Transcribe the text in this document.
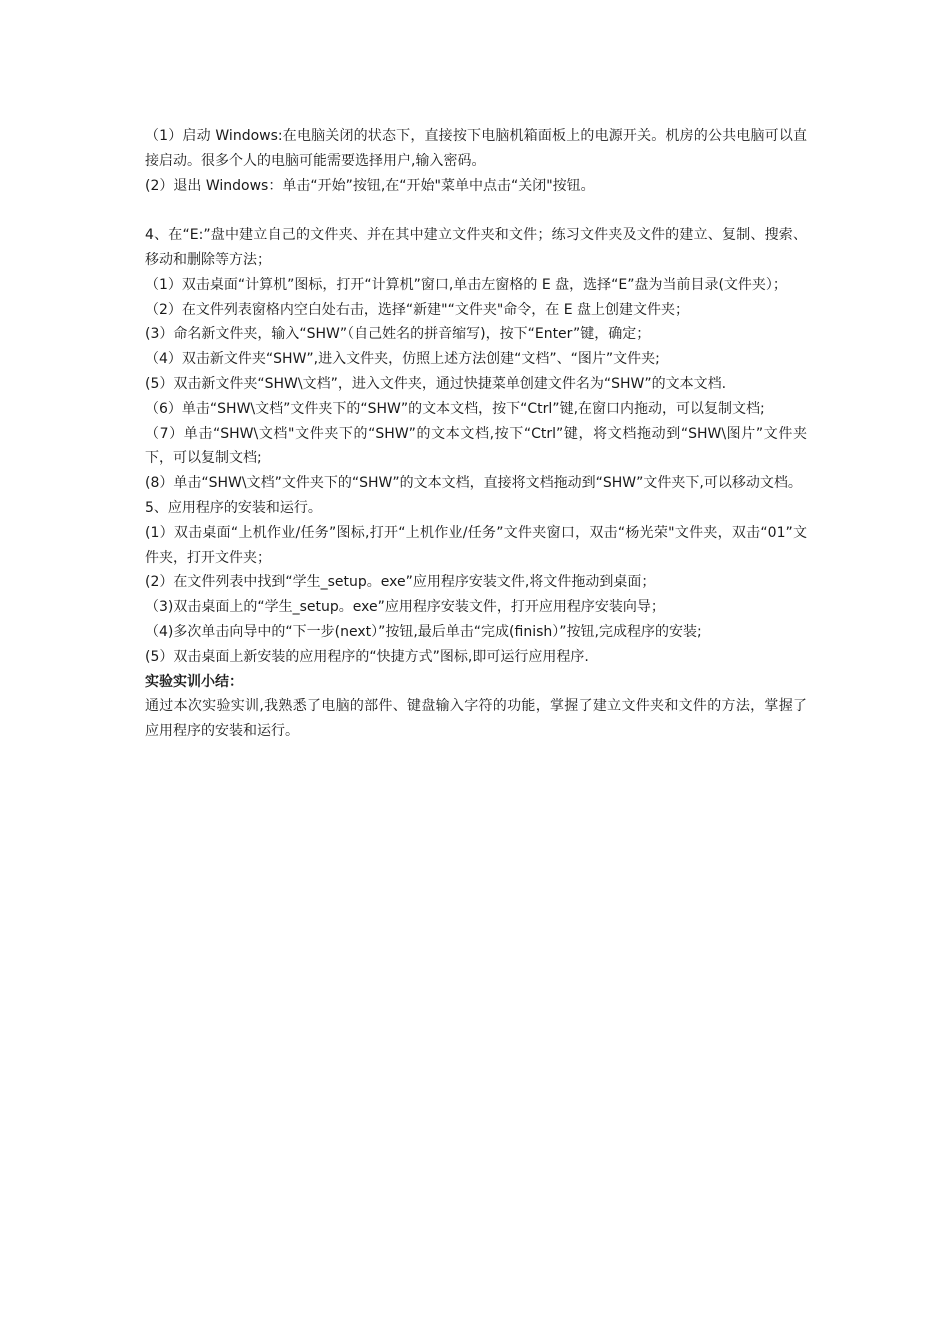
（1）启动 Windows:在电脑关闭的状态下，直接按下电脑机箱面板上的电源开关。机房的公共电脑可以直接启动。很多个人的电脑可能需要选择用户,输入密码。

(2）退出 Windows：单击“开始”按钮,在“开始"菜单中点击“关闭"按钮。

4、在“E:”盘中建立自己的文件夹、并在其中建立文件夹和文件；练习文件夹及文件的建立、复制、搜索、移动和删除等方法；

（1）双击桌面“计算机”图标，打开“计算机”窗口,单击左窗格的 E 盘，选择“E”盘为当前目录(文件夹）；

（2）在文件列表窗格内空白处右击，选择“新建"“文件夹"命令，在 E 盘上创建文件夹；

(3）命名新文件夹，输入“SHW”（自己姓名的拼音缩写)，按下“Enter”键，确定；

（4）双击新文件夹“SHW”,进入文件夹，仿照上述方法创建“文档”、“图片”文件夹;

(5）双击新文件夹“SHW\文档”，进入文件夹，通过快捷菜单创建文件名为“SHW”的文本文档.

（6）单击“SHW\文档”文件夹下的“SHW”的文本文档，按下“Ctrl”键,在窗口内拖动，可以复制文档;

（7）单击“SHW\文档"文件夹下的“SHW”的文本文档,按下“Ctrl”键，将文档拖动到“SHW\图片”文件夹下，可以复制文档;

(8）单击“SHW\文档”文件夹下的“SHW”的文本文档，直接将文档拖动到“SHW”文件夹下,可以移动文档。

5、应用程序的安装和运行。

(1）双击桌面“上机作业/任务”图标,打开“上机作业/任务”文件夹窗口，双击“杨光荣"文件夹，双击“01”文件夹，打开文件夹；

(2）在文件列表中找到“学生_setup。exe”应用程序安装文件,将文件拖动到桌面；

（3)双击桌面上的“学生_setup。exe”应用程序安装文件，打开应用程序安装向导；

（4)多次单击向导中的“下一步(next）”按钮,最后单击“完成(finish）”按钮,完成程序的安装;

(5）双击桌面上新安装的应用程序的“快捷方式”图标,即可运行应用程序.

实验实训小结：

通过本次实验实训,我熟悉了电脑的部件、键盘输入字符的功能，掌握了建立文件夹和文件的方法，掌握了应用程序的安装和运行。
